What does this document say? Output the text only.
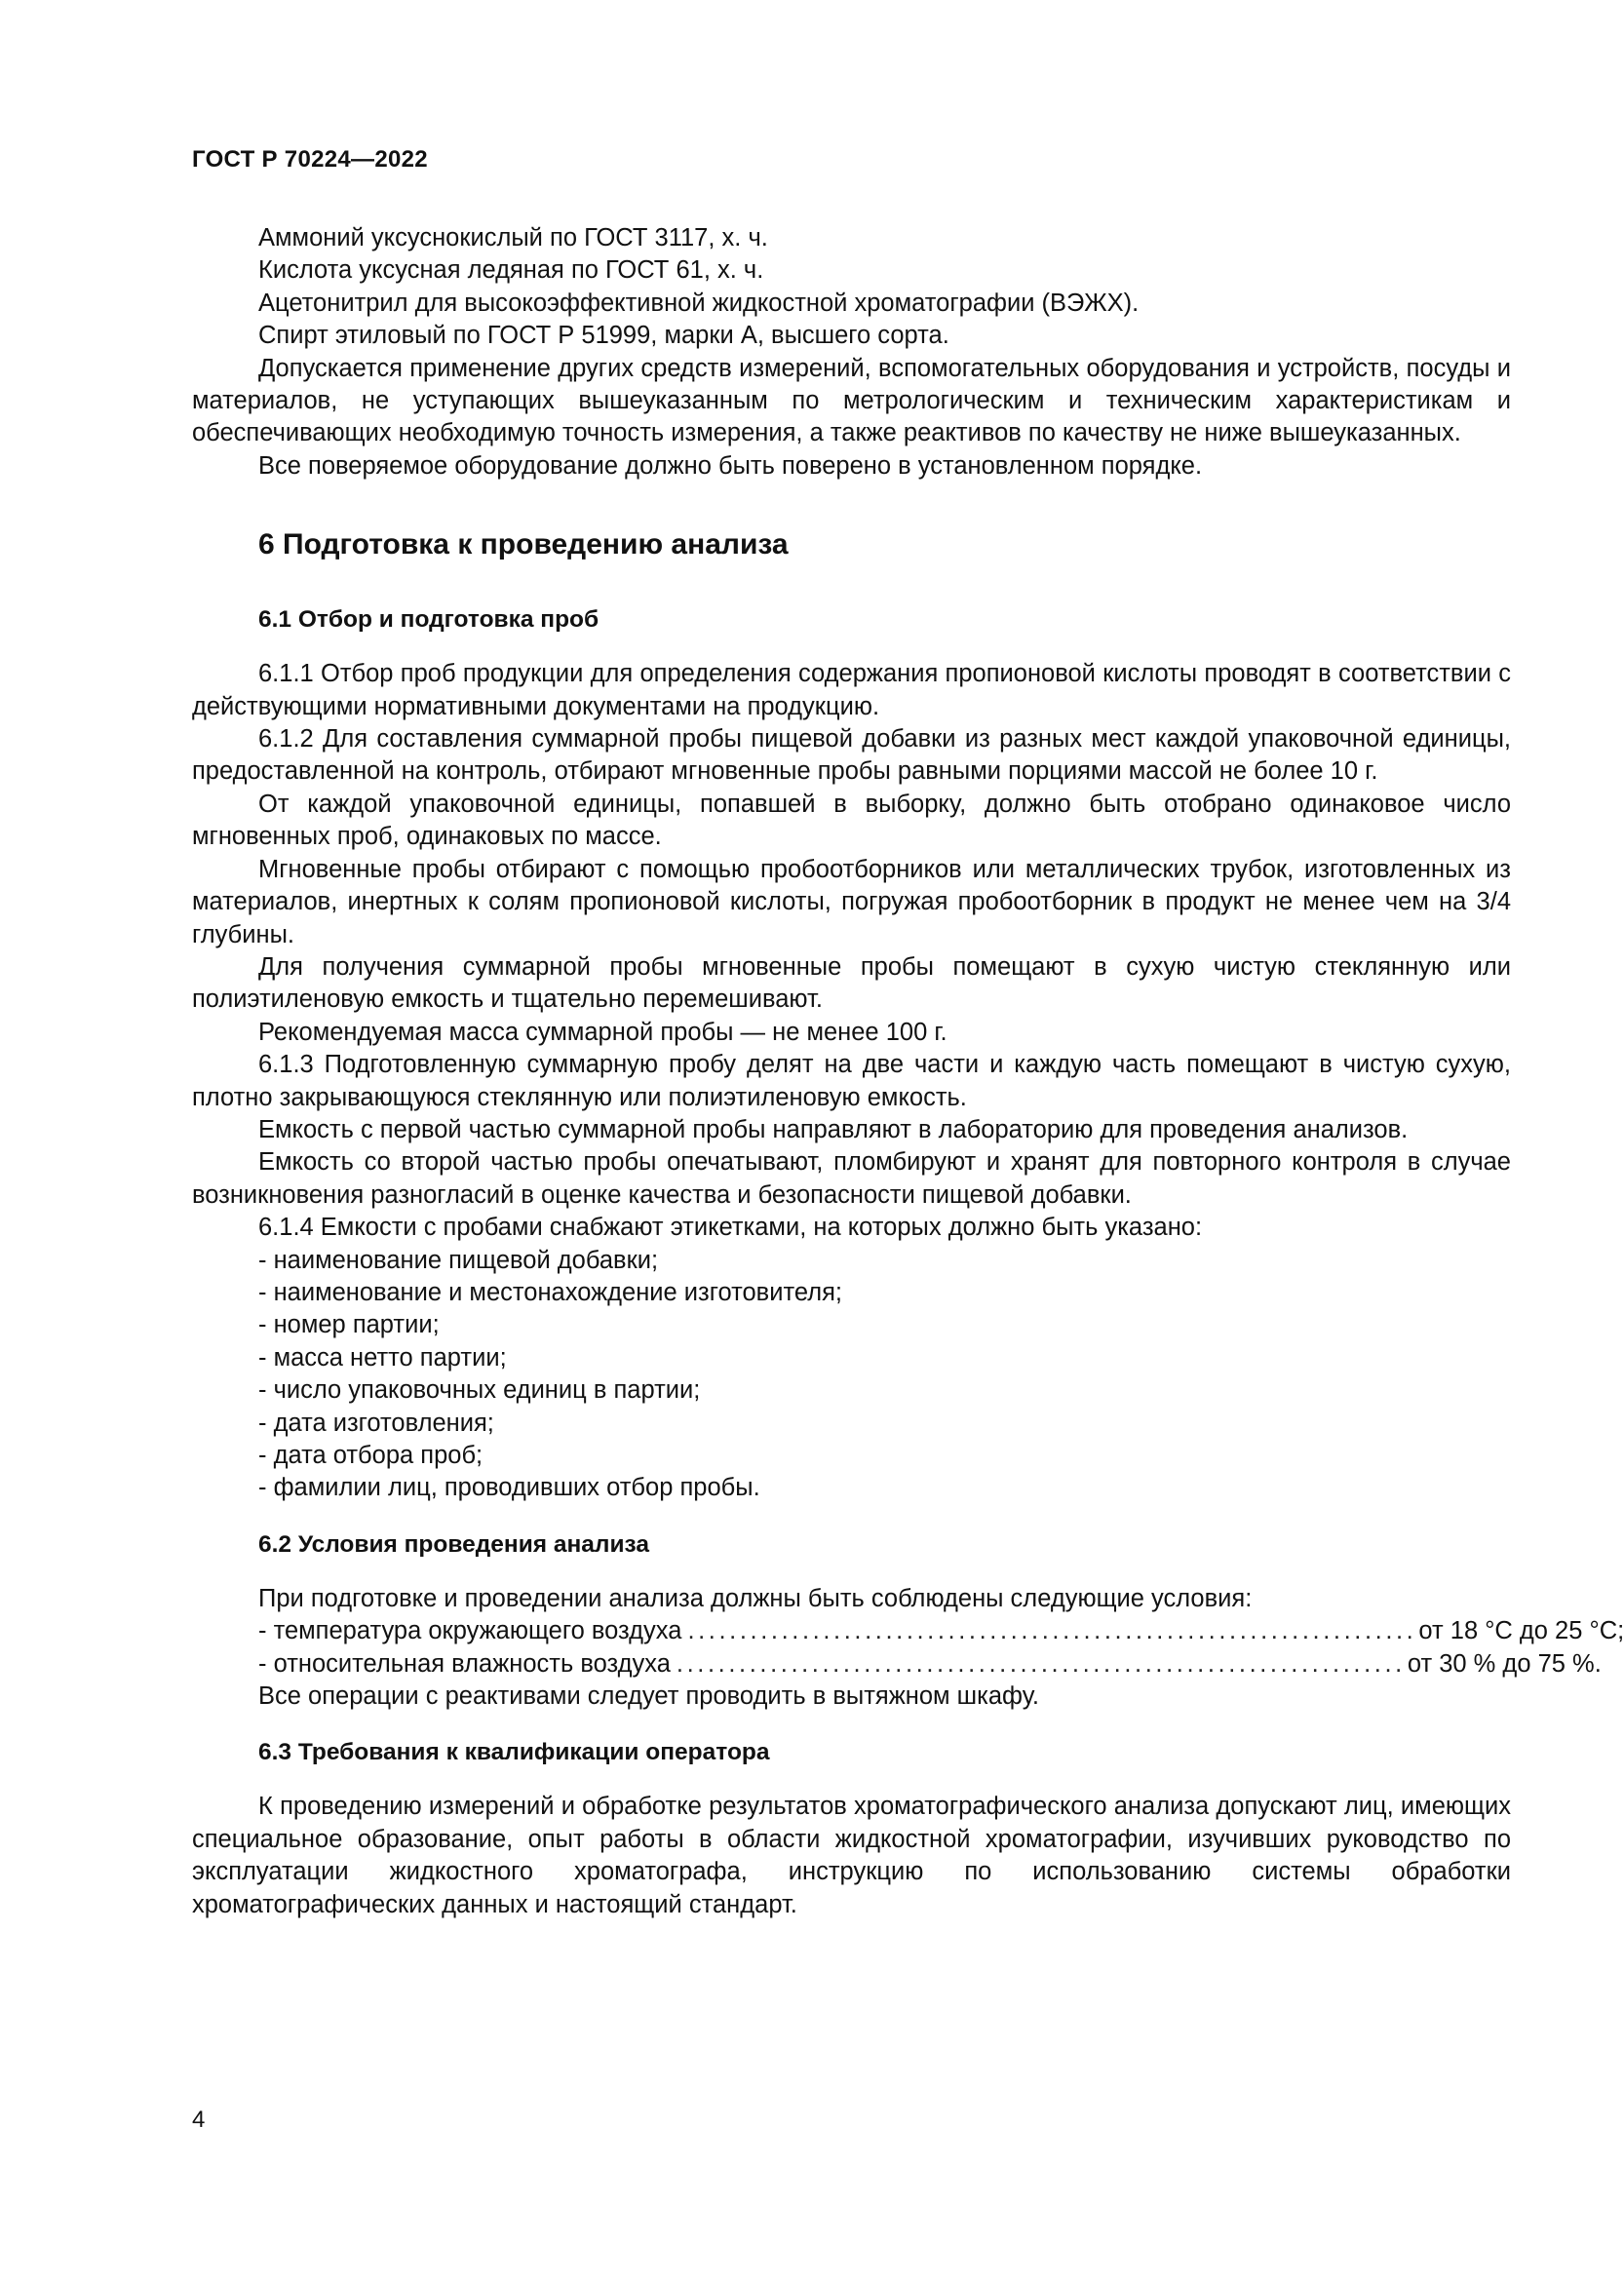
ГОСТ Р 70224—2022

Аммоний уксуснокислый по ГОСТ 3117, х. ч.

Кислота уксусная ледяная по ГОСТ 61, х. ч.

Ацетонитрил для высокоэффективной жидкостной хроматографии (ВЭЖХ).

Спирт этиловый по ГОСТ Р 51999, марки А, высшего сорта.

Допускается применение других средств измерений, вспомогательных оборудования и устройств, посуды и материалов, не уступающих вышеуказанным по метрологическим и техническим характеристикам и обеспечивающих необходимую точность измерения, а также реактивов по качеству не ниже вышеуказанных.

Все поверяемое оборудование должно быть поверено в установленном порядке.

6 Подготовка к проведению анализа

6.1 Отбор и подготовка проб

6.1.1 Отбор проб продукции для определения содержания пропионовой кислоты проводят в соответствии с действующими нормативными документами на продукцию.

6.1.2 Для составления суммарной пробы пищевой добавки из разных мест каждой упаковочной единицы, предоставленной на контроль, отбирают мгновенные пробы равными порциями массой не более 10 г.

От каждой упаковочной единицы, попавшей в выборку, должно быть отобрано одинаковое число мгновенных проб, одинаковых по массе.

Мгновенные пробы отбирают с помощью пробоотборников или металлических трубок, изготовленных из материалов, инертных к солям пропионовой кислоты, погружая пробоотборник в продукт не менее чем на 3/4 глубины.

Для получения суммарной пробы мгновенные пробы помещают в сухую чистую стеклянную или полиэтиленовую емкость и тщательно перемешивают.

Рекомендуемая масса суммарной пробы — не менее 100 г.

6.1.3 Подготовленную суммарную пробу делят на две части и каждую часть помещают в чистую сухую, плотно закрывающуюся стеклянную или полиэтиленовую емкость.

Емкость с первой частью суммарной пробы направляют в лабораторию для проведения анализов.

Емкость со второй частью пробы опечатывают, пломбируют и хранят для повторного контроля в случае возникновения разногласий в оценке качества и безопасности пищевой добавки.

6.1.4 Емкости с пробами снабжают этикетками, на которых должно быть указано:

- наименование пищевой добавки;

- наименование и местонахождение изготовителя;

- номер партии;

- масса нетто партии;

- число упаковочных единиц в партии;

- дата изготовления;

- дата отбора проб;

- фамилии лиц, проводивших отбор пробы.

6.2 Условия проведения анализа

При подготовке и проведении анализа должны быть соблюдены следующие условия:

- температура окружающего воздуха ...................................................................... от 18 °С до 25 °С;
- относительная влажность воздуха ...................................................................... от 30 % до 75 %.

Все операции с реактивами следует проводить в вытяжном шкафу.

6.3 Требования к квалификации оператора

К проведению измерений и обработке результатов хроматографического анализа допускают лиц, имеющих специальное образование, опыт работы в области жидкостной хроматографии, изучивших руководство по эксплуатации жидкостного хроматографа, инструкцию по использованию системы обработки хроматографических данных и настоящий стандарт.

4
